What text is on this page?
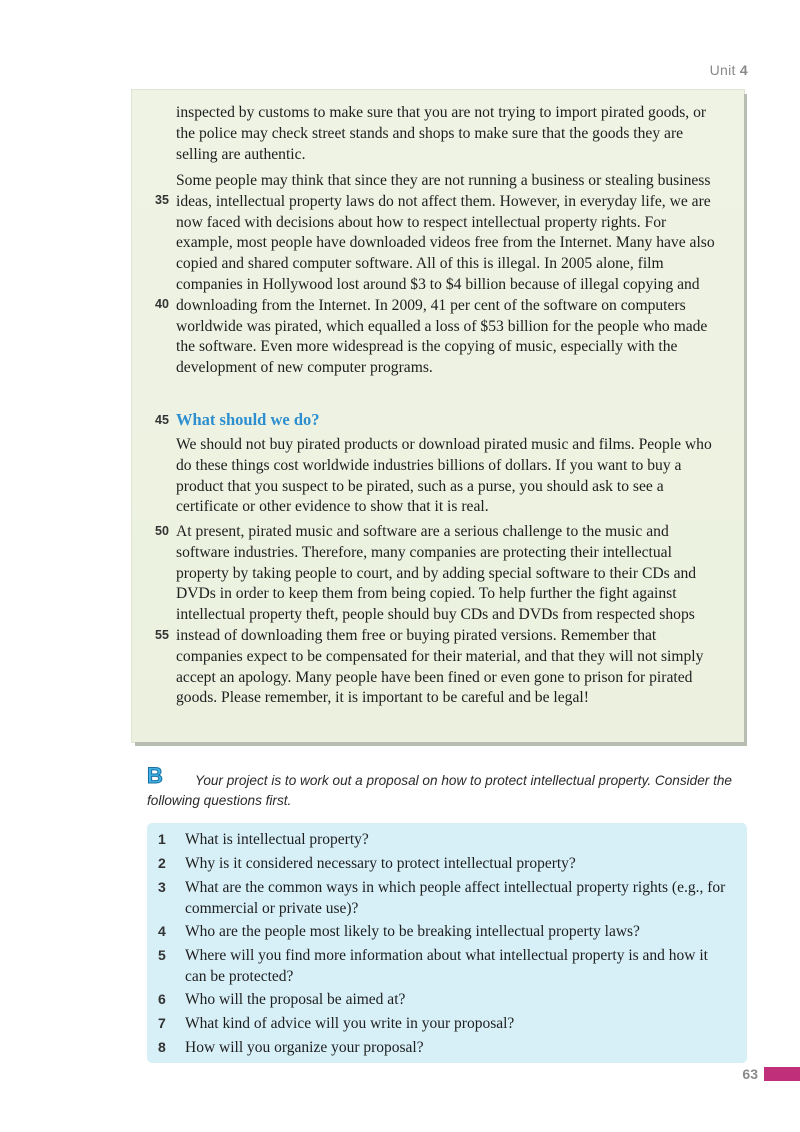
Unit 4

inspected by customs to make sure that you are not trying to import pirated goods, or the police may check street stands and shops to make sure that the goods they are selling are authentic.

Some people may think that since they are not running a business or stealing business ideas, intellectual property laws do not affect them. However, in everyday life, we are now faced with decisions about how to respect intellectual property rights. For example, most people have downloaded videos free from the Internet. Many have also copied and shared computer software. All of this is illegal. In 2005 alone, film companies in Hollywood lost around $3 to $4 billion because of illegal copying and downloading from the Internet. In 2009, 41 per cent of the software on computers worldwide was pirated, which equalled a loss of $53 billion for the people who made the software. Even more widespread is the copying of music, especially with the development of new computer programs.

What should we do?

We should not buy pirated products or download pirated music and films. People who do these things cost worldwide industries billions of dollars. If you want to buy a product that you suspect to be pirated, such as a purse, you should ask to see a certificate or other evidence to show that it is real.

At present, pirated music and software are a serious challenge to the music and software industries. Therefore, many companies are protecting their intellectual property by taking people to court, and by adding special software to their CDs and DVDs in order to keep them from being copied. To help further the fight against intellectual property theft, people should buy CDs and DVDs from respected shops instead of downloading them free or buying pirated versions. Remember that companies expect to be compensated for their material, and that they will not simply accept an apology. Many people have been fined or even gone to prison for pirated goods. Please remember, it is important to be careful and be legal!

35
40
45
50
55
B	Your project is to work out a proposal on how to protect intellectual property. Consider the following questions first.

1 What is intellectual property?
2 Why is it considered necessary to protect intellectual property?
3 What are the common ways in which people affect intellectual property rights (e.g., for commercial or private use)?
4 Who are the people most likely to be breaking intellectual property laws?
5 Where will you find more information about what intellectual property is and how it can be protected?
6 Who will the proposal be aimed at?
7 What kind of advice will you write in your proposal?
8 How will you organize your proposal?
63
